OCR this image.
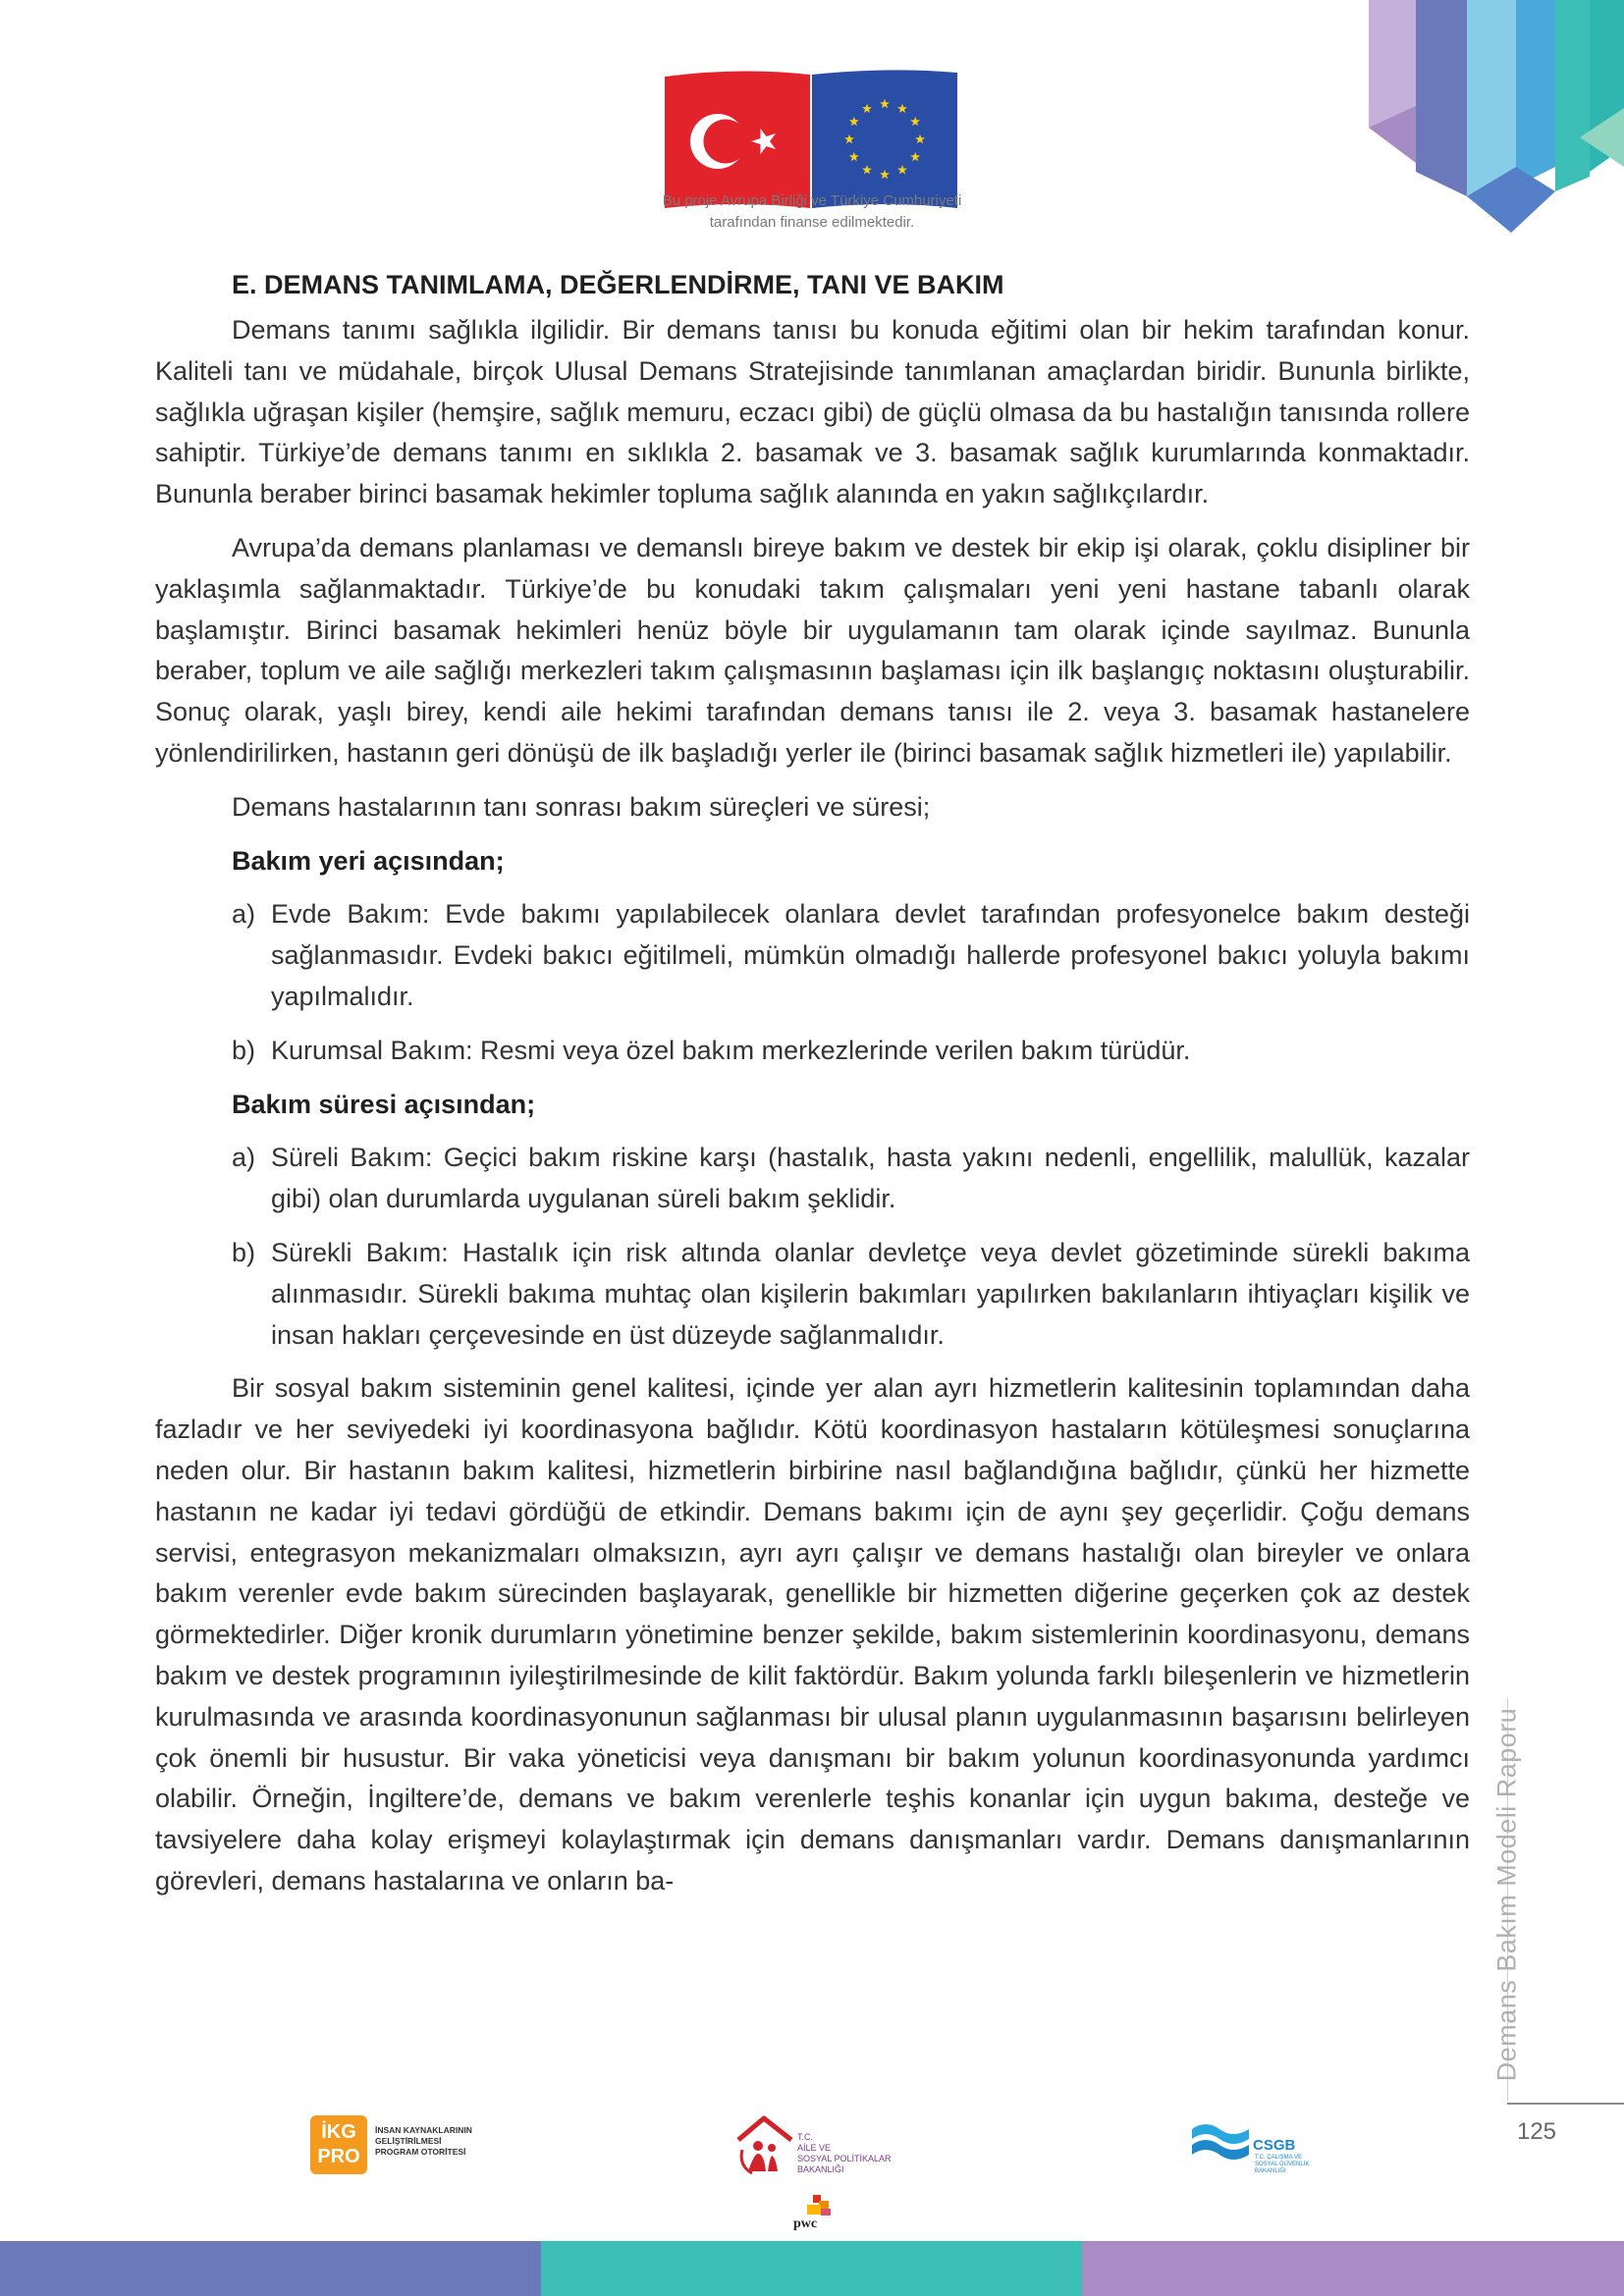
Bu proje Avrupa Birliği ve Türkiye Cumhuriyeti
tarafından finanse edilmektedir.
E. DEMANS TANIMLAMA, DEĞERLENDİRME, TANI VE BAKIM

Demans tanımı sağlıkla ilgilidir. Bir demans tanısı bu konuda eğitimi olan bir hekim tarafından konur. Kaliteli tanı ve müdahale, birçok Ulusal Demans Stratejisinde tanımlanan amaçlardan biridir. Bununla birlikte, sağlıkla uğraşan kişiler (hemşire, sağlık memuru, eczacı gibi) de güçlü olmasa da bu hastalığın tanısında rollere sahiptir. Türkiye’de demans tanımı en sıklıkla 2. basamak ve 3. basamak sağlık kurumlarında konmaktadır. Bununla beraber birinci basamak hekimler topluma sağlık alanında en yakın sağlıkçılardır.

Avrupa’da demans planlaması ve demanslı bireye bakım ve destek bir ekip işi olarak, çoklu disipliner bir yaklaşımla sağlanmaktadır. Türkiye’de bu konudaki takım çalışmaları yeni yeni hastane tabanlı olarak başlamıştır. Birinci basamak hekimleri henüz böyle bir uygulamanın tam olarak içinde sayılmaz. Bununla beraber, toplum ve aile sağlığı merkezleri takım çalışmasının başlaması için ilk başlangıç noktasını oluşturabilir. Sonuç olarak, yaşlı birey, kendi aile hekimi tarafından demans tanısı ile 2. veya 3. basamak hastanelere yönlendirilirken, hastanın geri dönüşü de ilk başladığı yerler ile (birinci basamak sağlık hizmetleri ile) yapılabilir.

Demans hastalarının tanı sonrası bakım süreçleri ve süresi;

Bakım yeri açısından;
a) Evde Bakım: Evde bakımı yapılabilecek olanlara devlet tarafından profesyonelce bakım desteği sağlanmasıdır. Evdeki bakıcı eğitilmeli, mümkün olmadığı hallerde profesyonel bakıcı yoluyla bakımı yapılmalıdır.
b) Kurumsal Bakım: Resmi veya özel bakım merkezlerinde verilen bakım türüdür.
Bakım süresi açısından;
a) Süreli Bakım: Geçici bakım riskine karşı (hastalık, hasta yakını nedenli, engellilik, malullük, kazalar gibi) olan durumlarda uygulanan süreli bakım şeklidir.
b) Sürekli Bakım: Hastalık için risk altında olanlar devletçe veya devlet gözetiminde sürekli bakıma alınmasıdır. Sürekli bakıma muhtaç olan kişilerin bakımları yapılırken bakılanların ihtiyaçları kişilik ve insan hakları çerçevesinde en üst düzeyde sağlanmalıdır.

Bir sosyal bakım sisteminin genel kalitesi, içinde yer alan ayrı hizmetlerin kalitesinin toplamından daha fazladır ve her seviyedeki iyi koordinasyona bağlıdır. Kötü koordinasyon hastaların kötüleşmesi sonuçlarına neden olur. Bir hastanın bakım kalitesi, hizmetlerin birbirine nasıl bağlandığına bağlıdır, çünkü her hizmette hastanın ne kadar iyi tedavi gördüğü de etkindir. Demans bakımı için de aynı şey geçerlidir. Çoğu demans servisi, entegrasyon mekanizmaları olmaksızın, ayrı ayrı çalışır ve demans hastalığı olan bireyler ve onlara bakım verenler evde bakım sürecinden başlayarak, genellikle bir hizmetten diğerine geçerken çok az destek görmektedirler. Diğer kronik durumların yönetimine benzer şekilde, bakım sistemlerinin koordinasyonu, demans bakım ve destek programının iyileştirilmesinde de kilit faktördür. Bakım yolunda farklı bileşenlerin ve hizmetlerin kurulmasında ve arasında koordinasyonunun sağlanması bir ulusal planın uygulanmasının başarısını belirleyen çok önemli bir husustur. Bir vaka yöneticisi veya danışmanı bir bakım yolunun koordinasyonunda yardımcı olabilir. Örneğin, İngiltere’de, demans ve bakım verenlerle teşhis konanlar için uygun bakıma, desteğe ve tavsiyelere daha kolay erişmeyi kolaylaştırmak için demans danışmanları vardır. Demans danışmanlarının görevleri, demans hastalarına ve onların ba-	Demans Bakım Modeli Raporu
125
İKG
PRO
İNSAN KAYNAKLARININ
GELİŞTİRİLMESİ
PROGRAM OTORİTESİ
T.C.
AİLE VE
SOSYAL POLİTİKALAR
BAKANLIĞI
pwc
CSGB
T.C. ÇALIŞMA VE
SOSYAL GÜVENLİK
BAKANLIĞI
